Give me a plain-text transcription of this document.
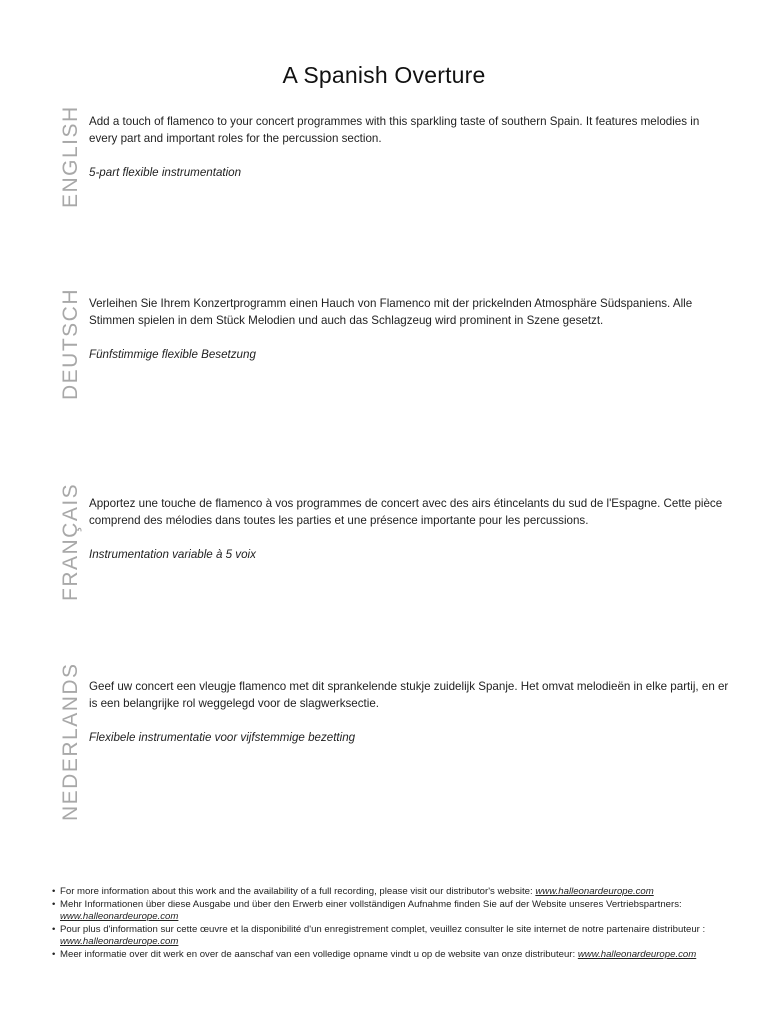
A Spanish Overture
ENGLISH Add a touch of flamenco to your concert programmes with this sparkling taste of southern Spain. It features melodies in every part and important roles for the percussion section.

5-part flexible instrumentation

DEUTSCH Verleihen Sie Ihrem Konzertprogramm einen Hauch von Flamenco mit der prickelnden Atmosphäre Südspaniens. Alle Stimmen spielen in dem Stück Melodien und auch das Schlagzeug wird prominent in Szene gesetzt.

Fünfstimmige flexible Besetzung

FRANÇAIS Apportez une touche de flamenco à vos programmes de concert avec des airs étincelants du sud de l'Espagne. Cette pièce comprend des mélodies dans toutes les parties et une présence importante pour les percussions.

Instrumentation variable à 5 voix

NEDERLANDS Geef uw concert een vleugje flamenco met dit sprankelende stukje zuidelijk Spanje. Het omvat melodieën in elke partij, en er is een belangrijke rol weggelegd voor de slagwerksectie.

Flexibele instrumentatie voor vijfstemmige bezetting

• For more information about this work and the availability of a full recording, please visit our distributor's website: www.halleonardeurope.com
• Mehr Informationen über diese Ausgabe und über den Erwerb einer vollständigen Aufnahme finden Sie auf der Website unseres Vertriebspartners: www.halleonardeurope.com
• Pour plus d'information sur cette œuvre et la disponibilité d'un enregistrement complet, veuillez consulter le site internet de notre partenaire distributeur : www.halleonardeurope.com
• Meer informatie over dit werk en over de aanschaf van een volledige opname vindt u op de website van onze distributeur: www.halleonardeurope.com
